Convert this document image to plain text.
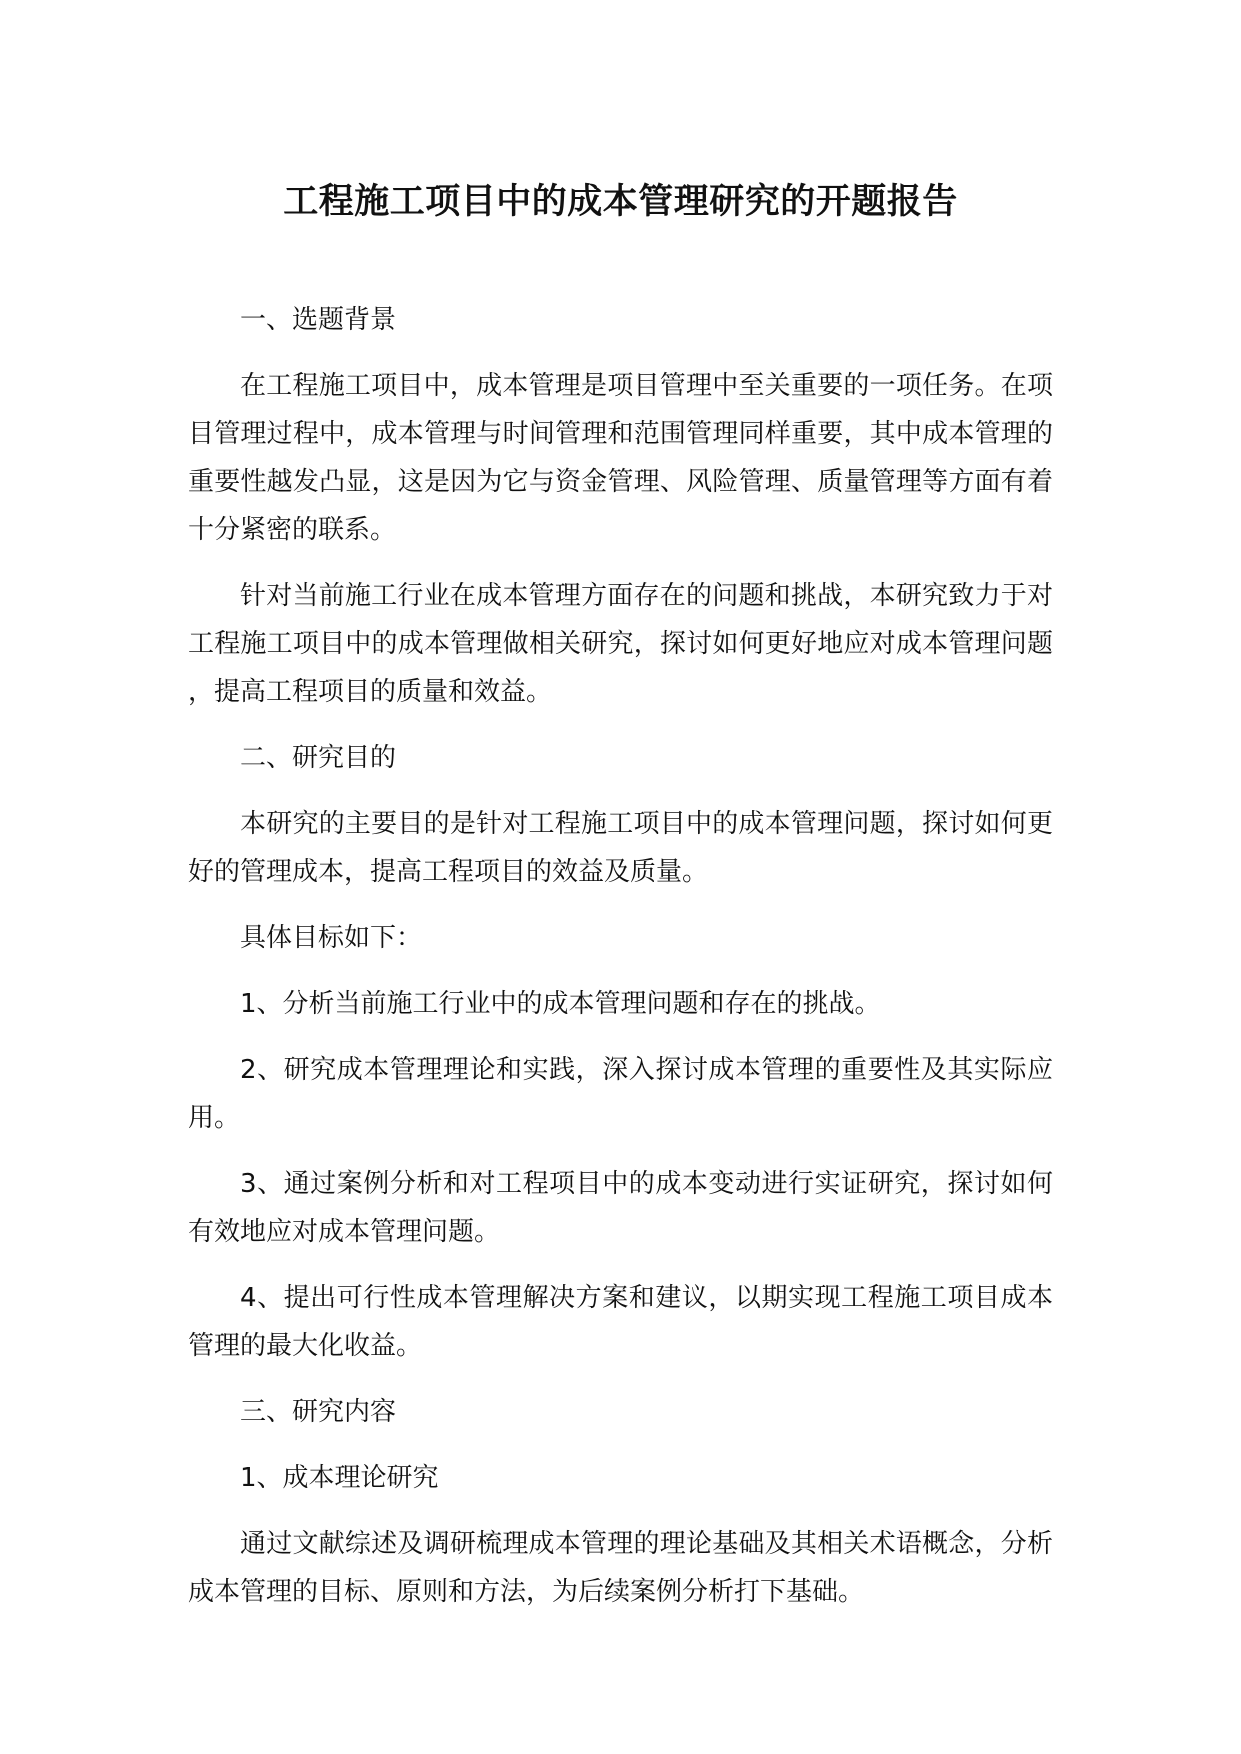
工程施工项目中的成本管理研究的开题报告

一、选题背景

在工程施工项目中，成本管理是项目管理中至关重要的一项任务。在项目管理过程中，成本管理与时间管理和范围管理同样重要，其中成本管理的重要性越发凸显，这是因为它与资金管理、风险管理、质量管理等方面有着十分紧密的联系。

针对当前施工行业在成本管理方面存在的问题和挑战，本研究致力于对工程施工项目中的成本管理做相关研究，探讨如何更好地应对成本管理问题，提高工程项目的质量和效益。

二、研究目的

本研究的主要目的是针对工程施工项目中的成本管理问题，探讨如何更好的管理成本，提高工程项目的效益及质量。

具体目标如下：

1、分析当前施工行业中的成本管理问题和存在的挑战。

2、研究成本管理理论和实践，深入探讨成本管理的重要性及其实际应用。

3、通过案例分析和对工程项目中的成本变动进行实证研究，探讨如何有效地应对成本管理问题。

4、提出可行性成本管理解决方案和建议，以期实现工程施工项目成本管理的最大化收益。

三、研究内容

1、成本理论研究

通过文献综述及调研梳理成本管理的理论基础及其相关术语概念，分析成本管理的目标、原则和方法，为后续案例分析打下基础。
